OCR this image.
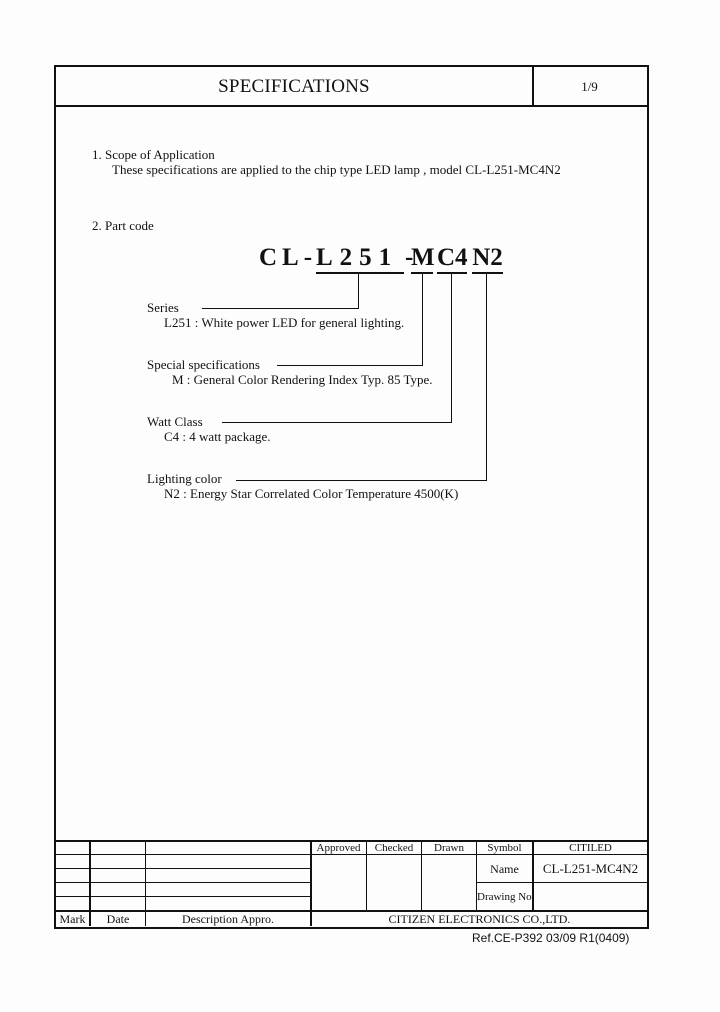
SPECIFICATIONS	1/9
1. Scope of Application
These specifications are applied to the chip type LED lamp , model CL-L251-MC4N2
2. Part code
CL-
L251 -
M C4 N2
Series
L251 : White power LED for general lighting.
Special specifications
M : General Color Rendering Index Typ. 85 Type.
Watt Class
C4 : 4 watt package.
Lighting color
N2 : Energy Star Correlated Color Temperature 4500(K)
Approved	Checked	Drawn	Symbol	CITILED
Name	CL-L251-MC4N2
Drawing No
Mark	Date	Description Appro.	CITIZEN ELECTRONICS CO.,LTD.
Ref.CE-P392 03/09 R1(0409)
